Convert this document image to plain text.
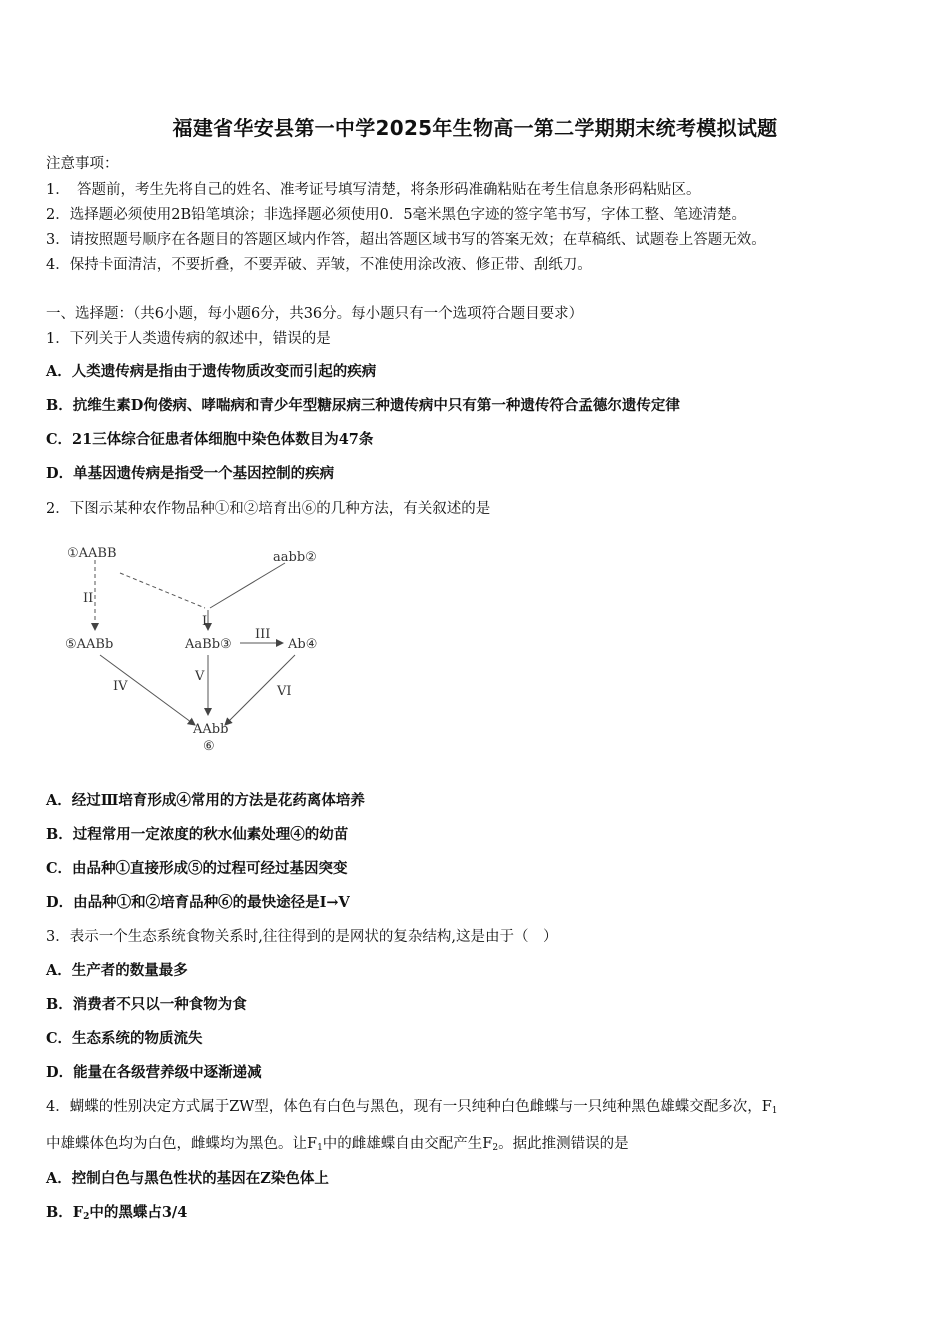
福建省华安县第一中学2025年生物高一第二学期期末统考模拟试题
注意事项：
1．　答题前，考生先将自己的姓名、准考证号填写清楚，将条形码准确粘贴在考生信息条形码粘贴区。
2．选择题必须使用2B铅笔填涂；非选择题必须使用0．5毫米黑色字迹的签字笔书写，字体工整、笔迹清楚。
3．请按照题号顺序在各题目的答题区域内作答，超出答题区域书写的答案无效；在草稿纸、试题卷上答题无效。
4．保持卡面清洁，不要折叠，不要弄破、弄皱，不准使用涂改液、修正带、刮纸刀。
一、选择题：（共6小题，每小题6分，共36分。每小题只有一个选项符合题目要求）
1．下列关于人类遗传病的叙述中，错误的是
A．人类遗传病是指由于遗传物质改变而引起的疾病
B．抗维生素D佝偻病、哮喘病和青少年型糖尿病三种遗传病中只有第一种遗传符合孟德尔遗传定律
C．21三体综合征患者体细胞中染色体数目为47条
D．单基因遗传病是指受一个基因控制的疾病
2．下图示某种农作物品种①和②培育出⑥的几种方法，有关叙述的是
①AABB	aabb②
⑤AABb	AaBb③	Ab④
AAbb
⑥
I
II
III
IV
V
VI
A．经过Ⅲ培育形成④常用的方法是花药离体培养
B．过程常用一定浓度的秋水仙素处理④的幼苗
C．由品种①直接形成⑤的过程可经过基因突变
D．由品种①和②培育品种⑥的最快途径是Ⅰ→Ⅴ
3．表示一个生态系统食物关系时,往往得到的是网状的复杂结构,这是由于（　）
A．生产者的数量最多
B．消费者不只以一种食物为食
C．生态系统的物质流失
D．能量在各级营养级中逐渐递减
4．蝴蝶的性别决定方式属于ZW型，体色有白色与黑色，现有一只纯种白色雌蝶与一只纯种黑色雄蝶交配多次，$F_1$
中雄蝶体色均为白色，雌蝶均为黑色。让$F_1$中的雌雄蝶自由交配产生$F_2$。据此推测错误的是
A．控制白色与黑色性状的基因在Z染色体上
B．$F_2$中的黑蝶占3/4
